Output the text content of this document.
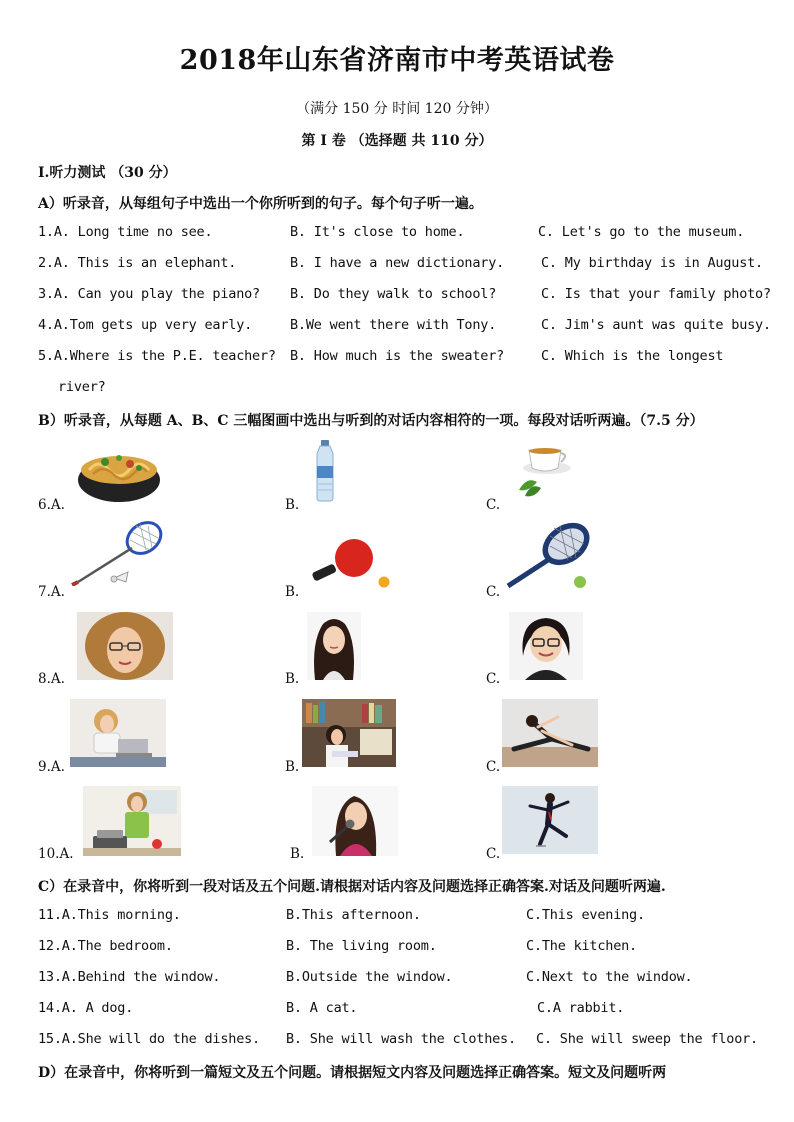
2018年山东省济南市中考英语试卷
（满分 150 分 时间 120 分钟）
第 I 卷 （选择题 共 110 分）
I.听力测试 （30 分）
A）听录音，从每组句子中选出一个你所听到的句子。每个句子听一遍。
1.A. Long time no see.	B. It's close to home.	C. Let's go to the museum.
2.A. This is an elephant.	B. I have a new dictionary.	C. My birthday is in August.
3.A. Can you play the piano? B. Do they walk to school?	C. Is that your family photo?
4.A.Tom gets up very early.	B.We went there with Tony.	C. Jim's aunt was quite busy.
5.A.Where is the P.E. teacher? B. How much is the sweater?	C. Which is the longest
river?
B）听录音，从每题 A、B、C 三幅图画中选出与听到的对话内容相符的一项。每段对话听两遍。（7.5 分）
6.A.	B.	C.
7.A.	B.	C.
8.A.	B.	C.
9.A.	B.	C.
10.A.	B.	C.
C）在录音中，你将听到一段对话及五个问题.请根据对话内容及问题选择正确答案.对话及问题听两遍.
11.A.This morning.	B.This afternoon.	C.This evening.
12.A.The bedroom.	B. The living room.	C.The kitchen.
13.A.Behind the window.	B.Outside the window.	C.Next to the window.
14.A. A dog.	B. A cat.	C.A rabbit.
15.A.She will do the dishes. B. She will wash the clothes. C. She will sweep the floor.
D）在录音中，你将听到一篇短文及五个问题。请根据短文内容及问题选择正确答案。短文及问题听两
